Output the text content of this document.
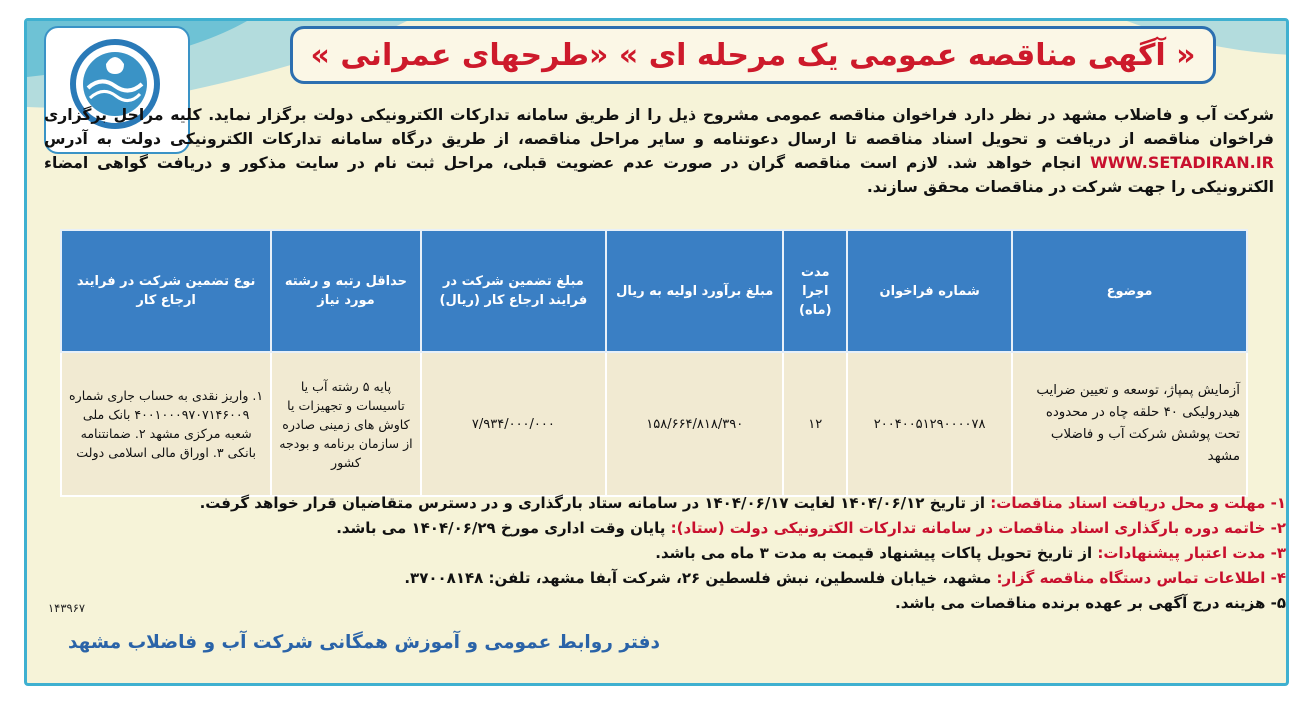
« آگهی مناقصه عمومی یک مرحله ای » «طرحهای عمرانی »
شرکت آب و فاضلاب مشهد در نظر دارد فراخوان مناقصه عمومی مشروح ذیل را از طریق سامانه تدارکات الکترونیکی دولت برگزار نماید. کلیه مراحل برگزاری فراخوان مناقصه از دریافت و تحویل اسناد مناقصه تا ارسال دعوتنامه و سایر مراحل مناقصه، از طریق درگاه سامانه تدارکات الکترونیکی دولت به آدرس WWW.SETADIRAN.IR انجام خواهد شد. لازم است مناقصه گران در صورت عدم عضویت قبلی، مراحل ثبت نام در سایت مذکور و دریافت گواهی امضاء الکترونیکی را جهت شرکت در مناقصات محقق سازند.
موضوع	شماره فراخوان	مدت اجرا (ماه)	مبلغ برآورد اولیه به ریال	مبلغ تضمین شرکت در فرایند ارجاع کار (ریال)	حداقل رتبه و رشته مورد نیاز	نوع تضمین شرکت در فرایند ارجاع کار
آزمایش پمپاژ، توسعه و تعیین ضرایب هیدرولیکی ۴۰ حلقه چاه در محدوده تحت پوشش شرکت آب و فاضلاب مشهد	۲۰۰۴۰۰۵۱۲۹۰۰۰۰۷۸	۱۲	۱۵۸/۶۶۴/۸۱۸/۳۹۰	۷/۹۳۴/۰۰۰/۰۰۰	پایه ۵ رشته آب یا تاسیسات و تجهیزات یا کاوش های زمینی صادره از سازمان برنامه و بودجه کشور	۱. واریز نقدی به حساب جاری شماره ۴۰۰۱۰۰۰۹۷۰۷۱۴۶۰۰۹ بانک ملی شعبه مرکزی مشهد ۲. ضمانتنامه بانکی ۳. اوراق مالی اسلامی دولت
۱- مهلت و محل دریافت اسناد مناقصات: از تاریخ ۱۴۰۴/۰۶/۱۲ لغایت ۱۴۰۴/۰۶/۱۷ در سامانه ستاد بارگذاری و در دسترس متقاضیان قرار خواهد گرفت.
۲- خاتمه دوره بارگذاری اسناد مناقصات در سامانه تدارکات الکترونیکی دولت (ستاد): پایان وقت اداری مورخ ۱۴۰۴/۰۶/۲۹ می باشد.
۳- مدت اعتبار پیشنهادات: از تاریخ تحویل پاکات پیشنهاد قیمت به مدت ۳ ماه می باشد.
۴- اطلاعات تماس دستگاه مناقصه گزار: مشهد، خیابان فلسطین، نبش فلسطین ۲۶، شرکت آبفا مشهد، تلفن: ۳۷۰۰۸۱۴۸.
۵- هزینه درج آگهی بر عهده برنده مناقصات می باشد.
۱۴۳۹۶۷
دفتر روابط عمومی و آموزش همگانی شرکت آب و فاضلاب مشهد
